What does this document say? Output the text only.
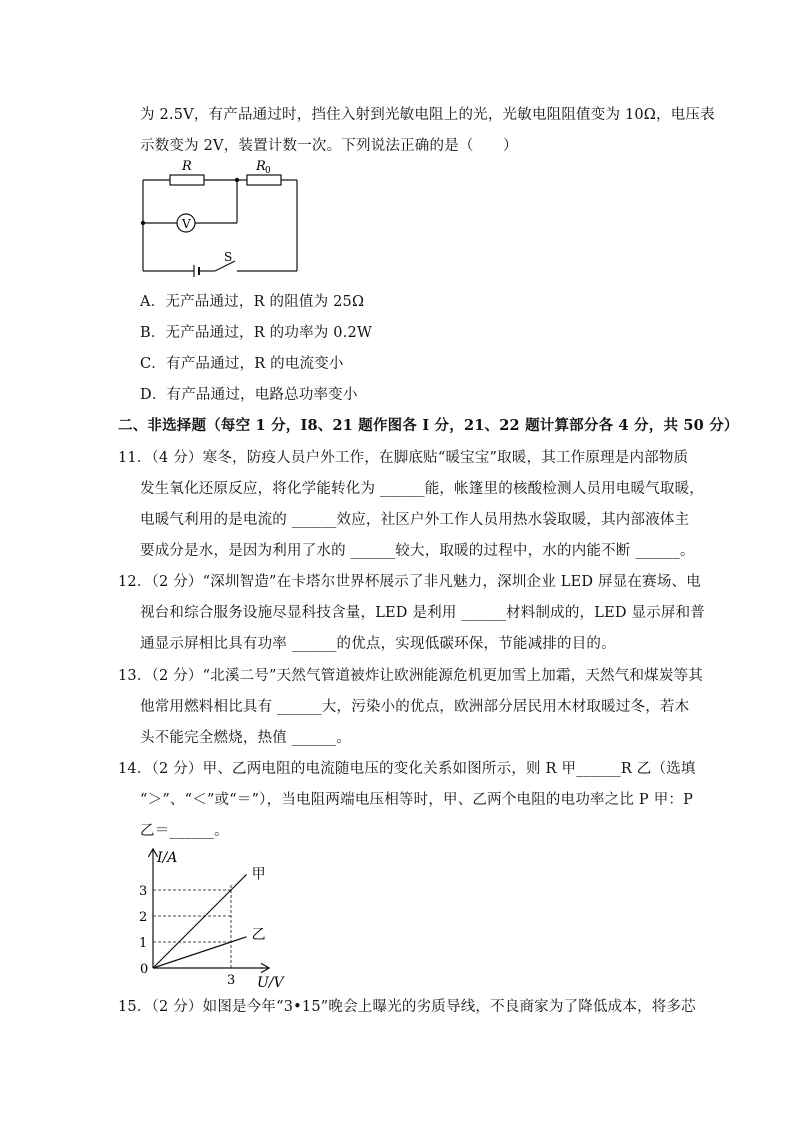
为 2.5V，有产品通过时，挡住入射到光敏电阻上的光，光敏电阻阻值变为 10Ω，电压表
示数变为 2V，装置计数一次。下列说法正确的是（　　）
R	R 0
V
S
A．无产品通过，R 的阻值为 25Ω
B．无产品通过，R 的功率为 0.2W
C．有产品通过，R 的电流变小
D．有产品通过，电路总功率变小
二、非选择题（每空 1 分，I8、21 题作图各 I 分，21、22 题计算部分各 4 分，共 50 分）
11．（4 分）寒冬，防疫人员户外工作，在脚底贴“暖宝宝”取暖，其工作原理是内部物质
发生氧化还原反应，将化学能转化为 ______能，帐篷里的核酸检测人员用电暖气取暖，
电暖气利用的是电流的 ______效应，社区户外工作人员用热水袋取暖，其内部液体主
要成分是水，是因为利用了水的 ______较大，取暖的过程中，水的内能不断 ______。
12．（2 分）“深圳智造”在卡塔尔世界杯展示了非凡魅力，深圳企业 LED 屏显在赛场、电
视台和综合服务设施尽显科技含量，LED 是利用 ______材料制成的，LED 显示屏和普
通显示屏相比具有功率 ______的优点，实现低碳环保，节能减排的目的。
13．（2 分）“北溪二号”天然气管道被炸让欧洲能源危机更加雪上加霜，天然气和煤炭等其
他常用燃料相比具有 ______大，污染小的优点，欧洲部分居民用木材取暖过冬，若木
头不能完全燃烧，热值 ______。
14．（2 分）甲、乙两电阻的电流随电压的变化关系如图所示，则 R 甲______R 乙（选填
“＞”、“＜”或“＝”），当电阻两端电压相等时，甲、乙两个电阻的电功率之比 P 甲：P
乙＝______。
甲
乙
1
2
3
3
I/A
U/V
0
15．（2 分）如图是今年“3•15”晚会上曝光的劣质导线，不良商家为了降低成本，将多芯
